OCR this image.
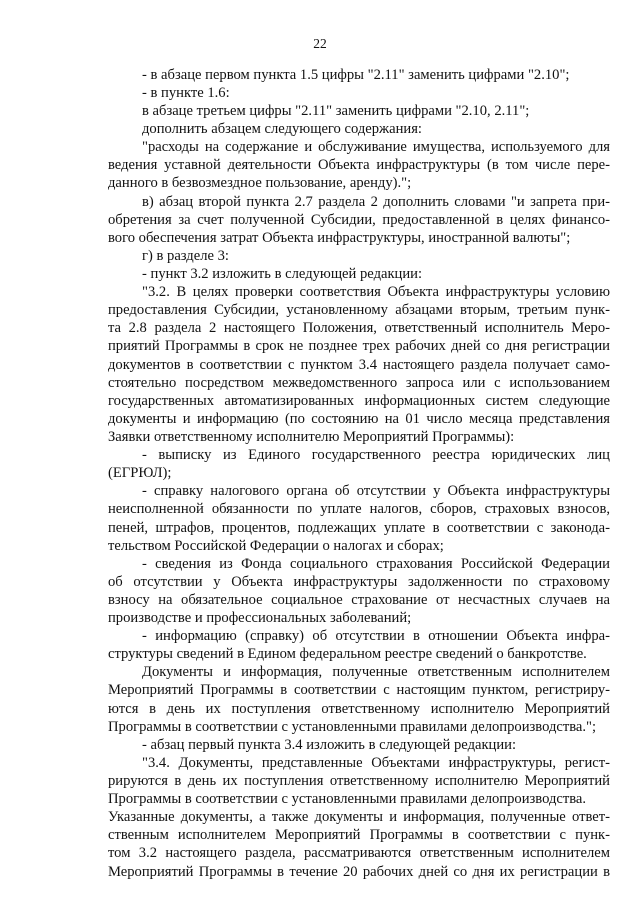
22
- в абзаце первом пункта 1.5 цифры "2.11" заменить цифрами "2.10";
- в пункте 1.6:
в абзаце третьем цифры "2.11" заменить цифрами "2.10, 2.11";
дополнить абзацем следующего содержания:
"расходы на содержание и обслуживание имущества, используемого для
ведения уставной деятельности Объекта инфраструктуры (в том числе пере-
данного в безвозмездное пользование, аренду).";
в) абзац второй пункта 2.7 раздела 2 дополнить словами "и запрета при-
обретения за счет полученной Субсидии, предоставленной в целях финансо-
вого обеспечения затрат Объекта инфраструктуры, иностранной валюты";
г) в разделе 3:
- пункт 3.2 изложить в следующей редакции:
"3.2. В целях проверки соответствия Объекта инфраструктуры условию
предоставления Субсидии, установленному абзацами вторым, третьим пунк-
та 2.8 раздела 2 настоящего Положения, ответственный исполнитель Меро-
приятий Программы в срок не позднее трех рабочих дней со дня регистрации
документов в соответствии с пунктом 3.4 настоящего раздела получает само-
стоятельно посредством межведомственного запроса или с использованием
государственных автоматизированных информационных систем следующие
документы и информацию (по состоянию на 01 число месяца представления
Заявки ответственному исполнителю Мероприятий Программы):
- выписку из Единого государственного реестра юридических лиц
(ЕГРЮЛ);
- справку налогового органа об отсутствии у Объекта инфраструктуры
неисполненной обязанности по уплате налогов, сборов, страховых взносов,
пеней, штрафов, процентов, подлежащих уплате в соответствии с законода-
тельством Российской Федерации о налогах и сборах;
- сведения из Фонда социального страхования Российской Федерации
об отсутствии у Объекта инфраструктуры задолженности по страховому
взносу на обязательное социальное страхование от несчастных случаев на
производстве и профессиональных заболеваний;
- информацию (справку) об отсутствии в отношении Объекта инфра-
структуры сведений в Едином федеральном реестре сведений о банкротстве.
Документы и информация, полученные ответственным исполнителем
Мероприятий Программы в соответствии с настоящим пунктом, регистриру-
ются в день их поступления ответственному исполнителю Мероприятий
Программы в соответствии с установленными правилами делопроизводства.";
- абзац первый пункта 3.4 изложить в следующей редакции:
"3.4. Документы, представленные Объектами инфраструктуры, регист-
рируются в день их поступления ответственному исполнителю Мероприятий
Программы в соответствии с установленными правилами делопроизводства.
Указанные документы, а также документы и информация, полученные ответ-
ственным исполнителем Мероприятий Программы в соответствии с пунк-
том 3.2 настоящего раздела, рассматриваются ответственным исполнителем
Мероприятий Программы в течение 20 рабочих дней со дня их регистрации в
